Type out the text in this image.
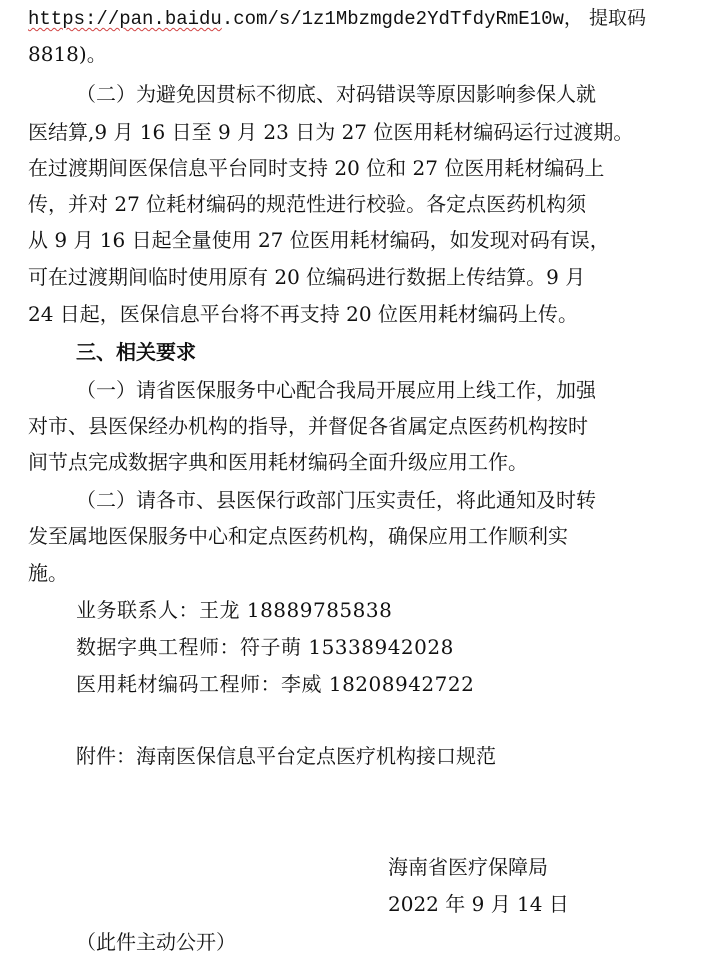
https://pan.baidu.com/s/1z1Mbzmgde2YdTfdyRmE10w， 提取码
8818)。
（二）为避免因贯标不彻底、对码错误等原因影响参保人就
医结算,9 月 16 日至 9 月 23 日为 27 位医用耗材编码运行过渡期。
在过渡期间医保信息平台同时支持 20 位和 27 位医用耗材编码上
传，并对 27 位耗材编码的规范性进行校验。各定点医药机构须
从 9 月 16 日起全量使用 27 位医用耗材编码，如发现对码有误，
可在过渡期间临时使用原有 20 位编码进行数据上传结算。9 月
24 日起，医保信息平台将不再支持 20 位医用耗材编码上传。
三、相关要求
（一）请省医保服务中心配合我局开展应用上线工作，加强
对市、县医保经办机构的指导，并督促各省属定点医药机构按时
间节点完成数据字典和医用耗材编码全面升级应用工作。
（二）请各市、县医保行政部门压实责任，将此通知及时转
发至属地医保服务中心和定点医药机构，确保应用工作顺利实
施。
业务联系人：王龙 18889785838
数据字典工程师：符子萌 15338942028
医用耗材编码工程师：李威 18208942722
附件：海南医保信息平台定点医疗机构接口规范
海南省医疗保障局
2022 年 9 月 14 日
（此件主动公开）
